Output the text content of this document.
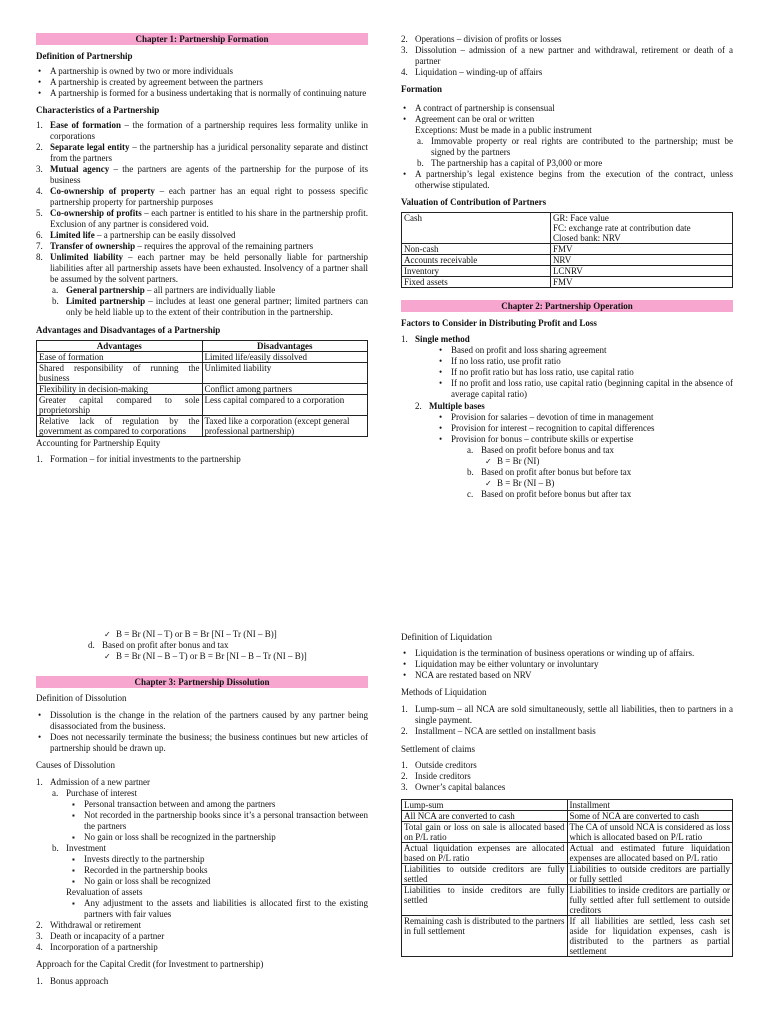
Chapter 1: Partnership Formation
Definition of Partnership
• A partnership is owned by two or more individuals
• A partnership is created by agreement between the partners
• A partnership is formed for a business undertaking that is normally of continuing nature
Characteristics of a Partnership
1. Ease of formation – the formation of a partnership requires less formality unlike in corporations
2. Separate legal entity – the partnership has a juridical personality separate and distinct from the partners
3. Mutual agency – the partners are agents of the partnership for the purpose of its business
4. Co-ownership of property – each partner has an equal right to possess specific partnership property for partnership purposes
5. Co-ownership of profits – each partner is entitled to his share in the partnership profit. Exclusion of any partner is considered void.
6. Limited life – a partnership can be easily dissolved
7. Transfer of ownership – requires the approval of the remaining partners
8. Unlimited liability – each partner may be held personally liable for partnership liabilities after all partnership assets have been exhausted. Insolvency of a partner shall be assumed by the solvent partners.
a. General partnership – all partners are individually liable
b. Limited partnership – includes at least one general partner; limited partners can only be held liable up to the extent of their contribution in the partnership.
Advantages and Disadvantages of a Partnership
Advantages	Disadvantages
Ease of formation	Limited life/easily dissolved
Shared responsibility of running the business	Unlimited liability
Flexibility in decision-making	Conflict among partners
Greater capital compared to sole proprietorship	Less capital compared to a corporation
Relative lack of regulation by the government as compared to corporations	Taxed like a corporation (except general professional partnership)
Accounting for Partnership Equity
1. Formation – for initial investments to the partnership
2. Operations – division of profits or losses
3. Dissolution – admission of a new partner and withdrawal, retirement or death of a partner
4. Liquidation – winding-up of affairs
Formation
• A contract of partnership is consensual
• Agreement can be oral or written
Exceptions: Must be made in a public instrument
a. Immovable property or real rights are contributed to the partnership; must be signed by the partners
b. The partnership has a capital of P3,000 or more
• A partnership’s legal existence begins from the execution of the contract, unless otherwise stipulated.
Valuation of Contribution of Partners
Cash	GR: Face value
FC: exchange rate at contribution date
Closed bank: NRV

Non-cash	FMV

Accounts receivable	NRV

Inventory	LCNRV

Fixed assets	FMV
Chapter 2: Partnership Operation
Factors to Consider in Distributing Profit and Loss
1. Single method
• Based on profit and loss sharing agreement
• If no loss ratio, use profit ratio
• If no profit ratio but has loss ratio, use capital ratio
• If no profit and loss ratio, use capital ratio (beginning capital in the absence of average capital ratio)
2. Multiple bases
• Provision for salaries – devotion of time in management
• Provision for interest – recognition to capital differences
• Provision for bonus – contribute skills or expertise
a. Based on profit before bonus and tax
✓ B = Br (NI)
b. Based on profit after bonus but before tax
✓ B = Br (NI – B)
c. Based on profit before bonus but after tax
✓ B = Br (NI – T) or B = Br [NI – Tr (NI – B)]
d. Based on profit after bonus and tax
✓ B = Br (NI – B – T) or B = Br [NI – B – Tr (NI – B)]
Chapter 3: Partnership Dissolution
Definition of Dissolution
• Dissolution is the change in the relation of the partners caused by any partner being disassociated from the business.
• Does not necessarily terminate the business; the business continues but new articles of partnership should be drawn up.
Causes of Dissolution
1. Admission of a new partner
a. Purchase of interest
▪ Personal transaction between and among the partners
▪ Not recorded in the partnership books since it’s a personal transaction between the partners
▪ No gain or loss shall be recognized in the partnership
b. Investment
▪ Invests directly to the partnership
▪ Recorded in the partnership books
▪ No gain or loss shall be recognized
Revaluation of assets
▪ Any adjustment to the assets and liabilities is allocated first to the existing partners with fair values
2. Withdrawal or retirement
3. Death or incapacity of a partner
4. Incorporation of a partnership
Approach for the Capital Credit (for Investment to partnership)
1. Bonus approach
Definition of Liquidation
• Liquidation is the termination of business operations or winding up of affairs.
• Liquidation may be either voluntary or involuntary
• NCA are restated based on NRV
Methods of Liquidation
1. Lump-sum – all NCA are sold simultaneously, settle all liabilities, then to partners in a single payment.
2. Installment – NCA are settled on installment basis
Settlement of claims
1. Outside creditors
2. Inside creditors
3. Owner’s capital balances
Lump-sum	Installment
All NCA are converted to cash	Some of NCA are converted to cash
Total gain or loss on sale is allocated based on P/L ratio	The CA of unsold NCA is considered as loss which is allocated based on P/L ratio
Actual liquidation expenses are allocated based on P/L ratio	Actual and estimated future liquidation expenses are allocated based on P/L ratio
Liabilities to outside creditors are fully settled	Liabilities to outside creditors are partially or fully settled
Liabilities to inside creditors are fully settled	Liabilities to inside creditors are partially or fully settled after full settlement to outside creditors
Remaining cash is distributed to the partners in full settlement	If all liabilities are settled, less cash set aside for liquidation expenses, cash is distributed to the partners as partial settlement
